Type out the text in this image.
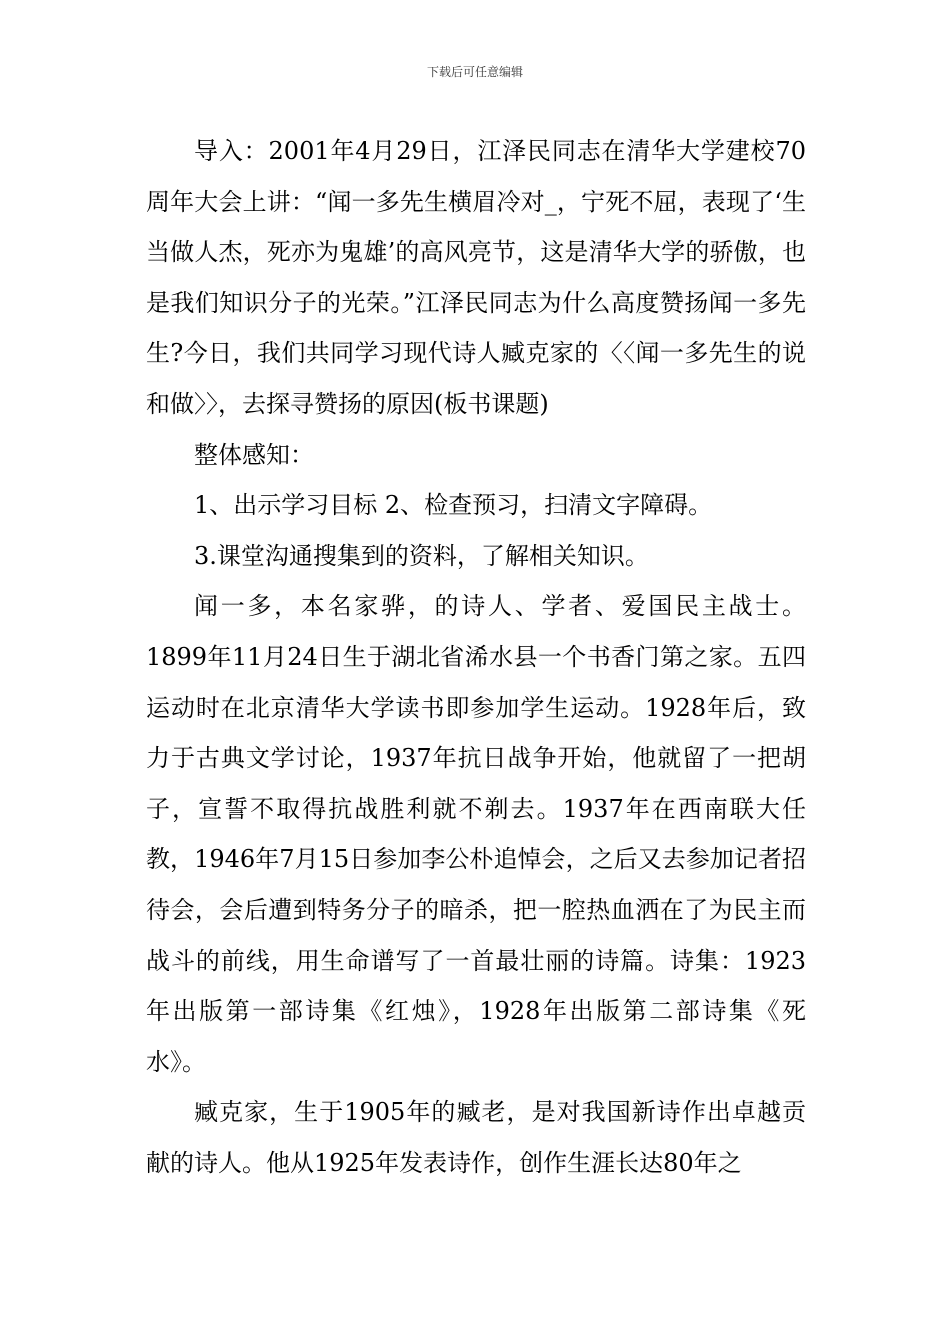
下载后可任意编辑

导入：2001年4月29日，江泽民同志在清华大学建校70周年大会上讲：“闻一多先生横眉冷对_，宁死不屈，表现了‘生当做人杰，死亦为鬼雄’的高风亮节，这是清华大学的骄傲，也是我们知识分子的光荣。”江泽民同志为什么高度赞扬闻一多先生?今日，我们共同学习现代诗人臧克家的〈〈闻一多先生的说和做〉〉，去探寻赞扬的原因(板书课题)

整体感知：

1、出示学习目标 2、检查预习，扫清文字障碍。

3.课堂沟通搜集到的资料，了解相关知识。

闻一多，本名家骅，的诗人、学者、爱国民主战士。1899年11月24日生于湖北省浠水县一个书香门第之家。五四运动时在北京清华大学读书即参加学生运动。1928年后，致力于古典文学讨论，1937年抗日战争开始，他就留了一把胡子，宣誓不取得抗战胜利就不剃去。1937年在西南联大任教，1946年7月15日参加李公朴追悼会，之后又去参加记者招待会，会后遭到特务分子的暗杀，把一腔热血洒在了为民主而战斗的前线，用生命谱写了一首最壮丽的诗篇。诗集：1923年出版第一部诗集《红烛》，1928年出版第二部诗集《死水》。

臧克家，生于1905年的臧老，是对我国新诗作出卓越贡献的诗人。他从1925年发表诗作，创作生涯长达80年之
